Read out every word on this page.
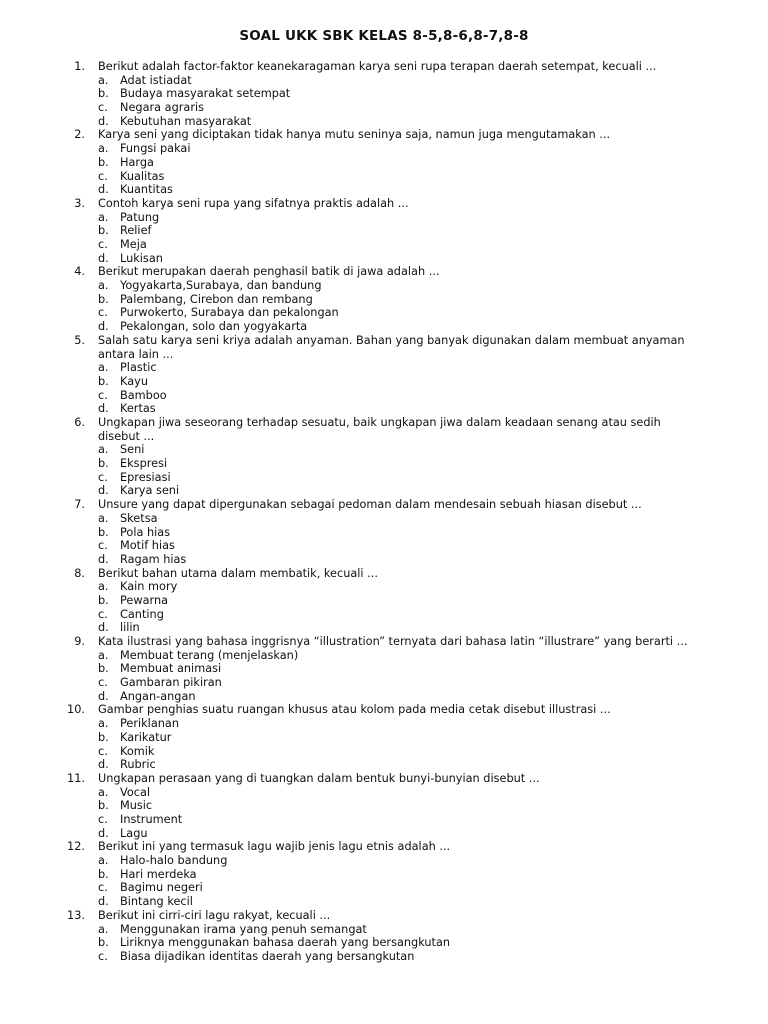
SOAL UKK SBK KELAS 8-5,8-6,8-7,8-8
1. Berikut adalah factor-faktor keanekaragaman karya seni rupa terapan daerah setempat, kecuali ...
a. Adat istiadat
b. Budaya masyarakat setempat
c. Negara agraris
d. Kebutuhan masyarakat
2. Karya seni yang diciptakan tidak hanya mutu seninya saja, namun juga mengutamakan ...
a. Fungsi pakai
b. Harga
c. Kualitas
d. Kuantitas
3. Contoh karya seni rupa yang sifatnya praktis adalah ...
a. Patung
b. Relief
c. Meja
d. Lukisan
4. Berikut merupakan daerah penghasil batik di jawa adalah ...
a. Yogyakarta,Surabaya, dan bandung
b. Palembang, Cirebon dan rembang
c. Purwokerto, Surabaya dan pekalongan
d. Pekalongan, solo dan yogyakarta
5. Salah satu karya seni kriya adalah anyaman. Bahan yang banyak digunakan dalam membuat anyaman antara lain ...
a. Plastic
b. Kayu
c. Bamboo
d. Kertas
6. Ungkapan jiwa seseorang terhadap sesuatu, baik ungkapan jiwa dalam keadaan senang atau sedih disebut ...
a. Seni
b. Ekspresi
c. Epresiasi
d. Karya seni
7. Unsure yang dapat dipergunakan sebagai pedoman dalam mendesain sebuah hiasan disebut ...
a. Sketsa
b. Pola hias
c. Motif hias
d. Ragam hias
8. Berikut bahan utama dalam membatik, kecuali ...
a. Kain mory
b. Pewarna
c. Canting
d. lilin
9. Kata ilustrasi yang bahasa inggrisnya “illustration” ternyata dari bahasa latin “illustrare” yang berarti ...
a. Membuat terang (menjelaskan)
b. Membuat animasi
c. Gambaran pikiran
d. Angan-angan
10. Gambar penghias suatu ruangan khusus atau kolom pada media cetak disebut illustrasi ...
a. Periklanan
b. Karikatur
c. Komik
d. Rubric
11. Ungkapan perasaan yang di tuangkan dalam bentuk bunyi-bunyian disebut ...
a. Vocal
b. Music
c. Instrument
d. Lagu
12. Berikut ini yang termasuk lagu wajib jenis lagu etnis adalah ...
a. Halo-halo bandung
b. Hari merdeka
c. Bagimu negeri
d. Bintang kecil
13. Berikut ini cirri-ciri lagu rakyat, kecuali ...
a. Menggunakan irama yang penuh semangat
b. Liriknya menggunakan bahasa daerah yang bersangkutan
c. Biasa dijadikan identitas daerah yang bersangkutan
